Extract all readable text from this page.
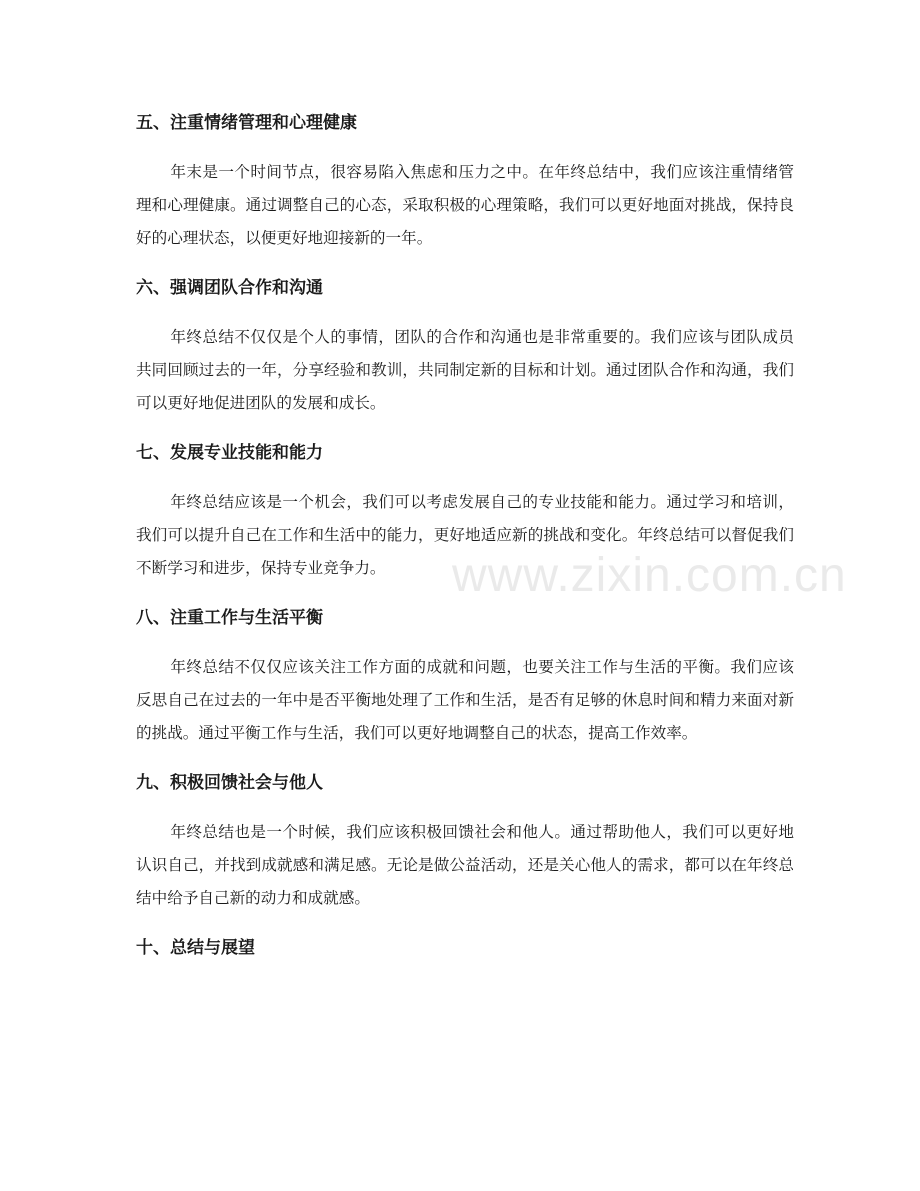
五、注重情绪管理和心理健康

年末是一个时间节点，很容易陷入焦虑和压力之中。在年终总结中，我们应该注重情绪管理和心理健康。通过调整自己的心态，采取积极的心理策略，我们可以更好地面对挑战，保持良好的心理状态，以便更好地迎接新的一年。

六、强调团队合作和沟通

年终总结不仅仅是个人的事情，团队的合作和沟通也是非常重要的。我们应该与团队成员共同回顾过去的一年，分享经验和教训，共同制定新的目标和计划。通过团队合作和沟通，我们可以更好地促进团队的发展和成长。

七、发展专业技能和能力

年终总结应该是一个机会，我们可以考虑发展自己的专业技能和能力。通过学习和培训，我们可以提升自己在工作和生活中的能力，更好地适应新的挑战和变化。年终总结可以督促我们不断学习和进步，保持专业竞争力。

八、注重工作与生活平衡

年终总结不仅仅应该关注工作方面的成就和问题，也要关注工作与生活的平衡。我们应该反思自己在过去的一年中是否平衡地处理了工作和生活，是否有足够的休息时间和精力来面对新的挑战。通过平衡工作与生活，我们可以更好地调整自己的状态，提高工作效率。

九、积极回馈社会与他人

年终总结也是一个时候，我们应该积极回馈社会和他人。通过帮助他人，我们可以更好地认识自己，并找到成就感和满足感。无论是做公益活动，还是关心他人的需求，都可以在年终总结中给予自己新的动力和成就感。

十、总结与展望
www.zixin.com.cn
